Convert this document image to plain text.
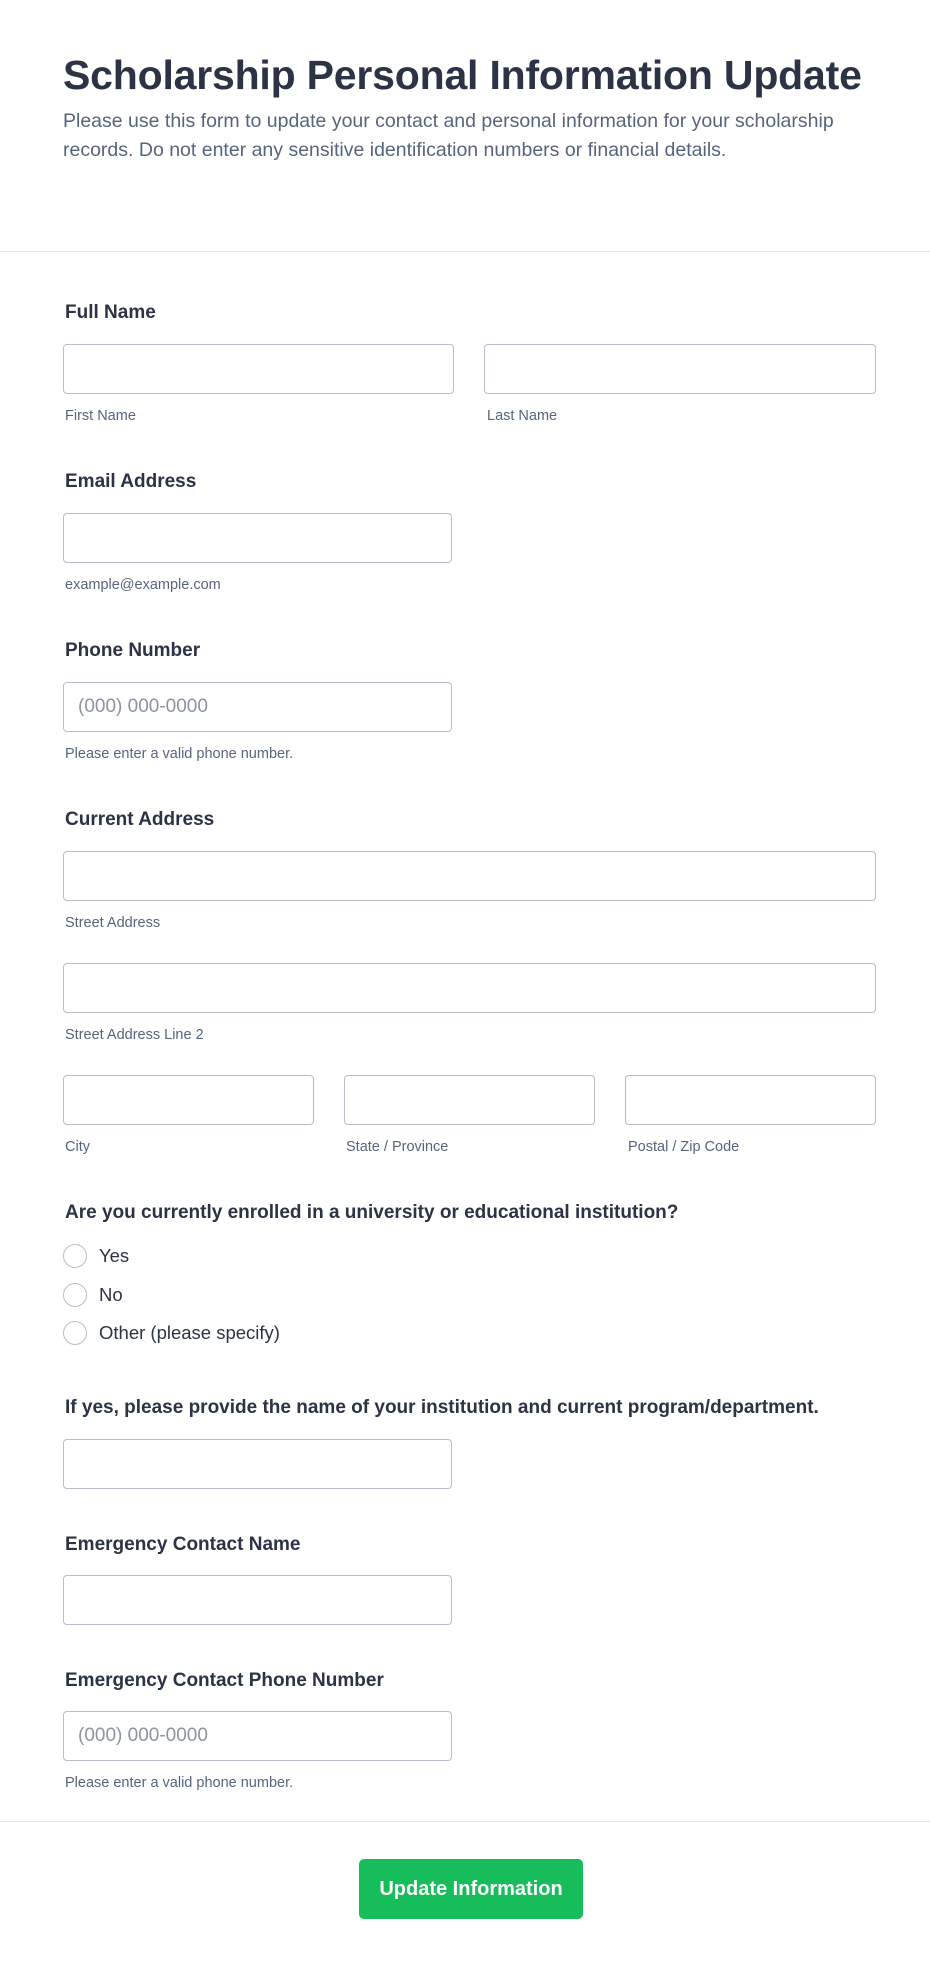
Scholarship Personal Information Update

Please use this form to update your contact and personal information for your scholarship records. Do not enter any sensitive identification numbers or financial details.

Full Name
First Name	Last Name
Email Address
example@example.com
Phone Number
(000) 000-0000
Please enter a valid phone number.
Current Address
Street Address
Street Address Line 2
City	State / Province	Postal / Zip Code
Are you currently enrolled in a university or educational institution?
Yes
No
Other (please specify)
If yes, please provide the name of your institution and current program/department.
Emergency Contact Name
Emergency Contact Phone Number
(000) 000-0000
Please enter a valid phone number.
Update Information
